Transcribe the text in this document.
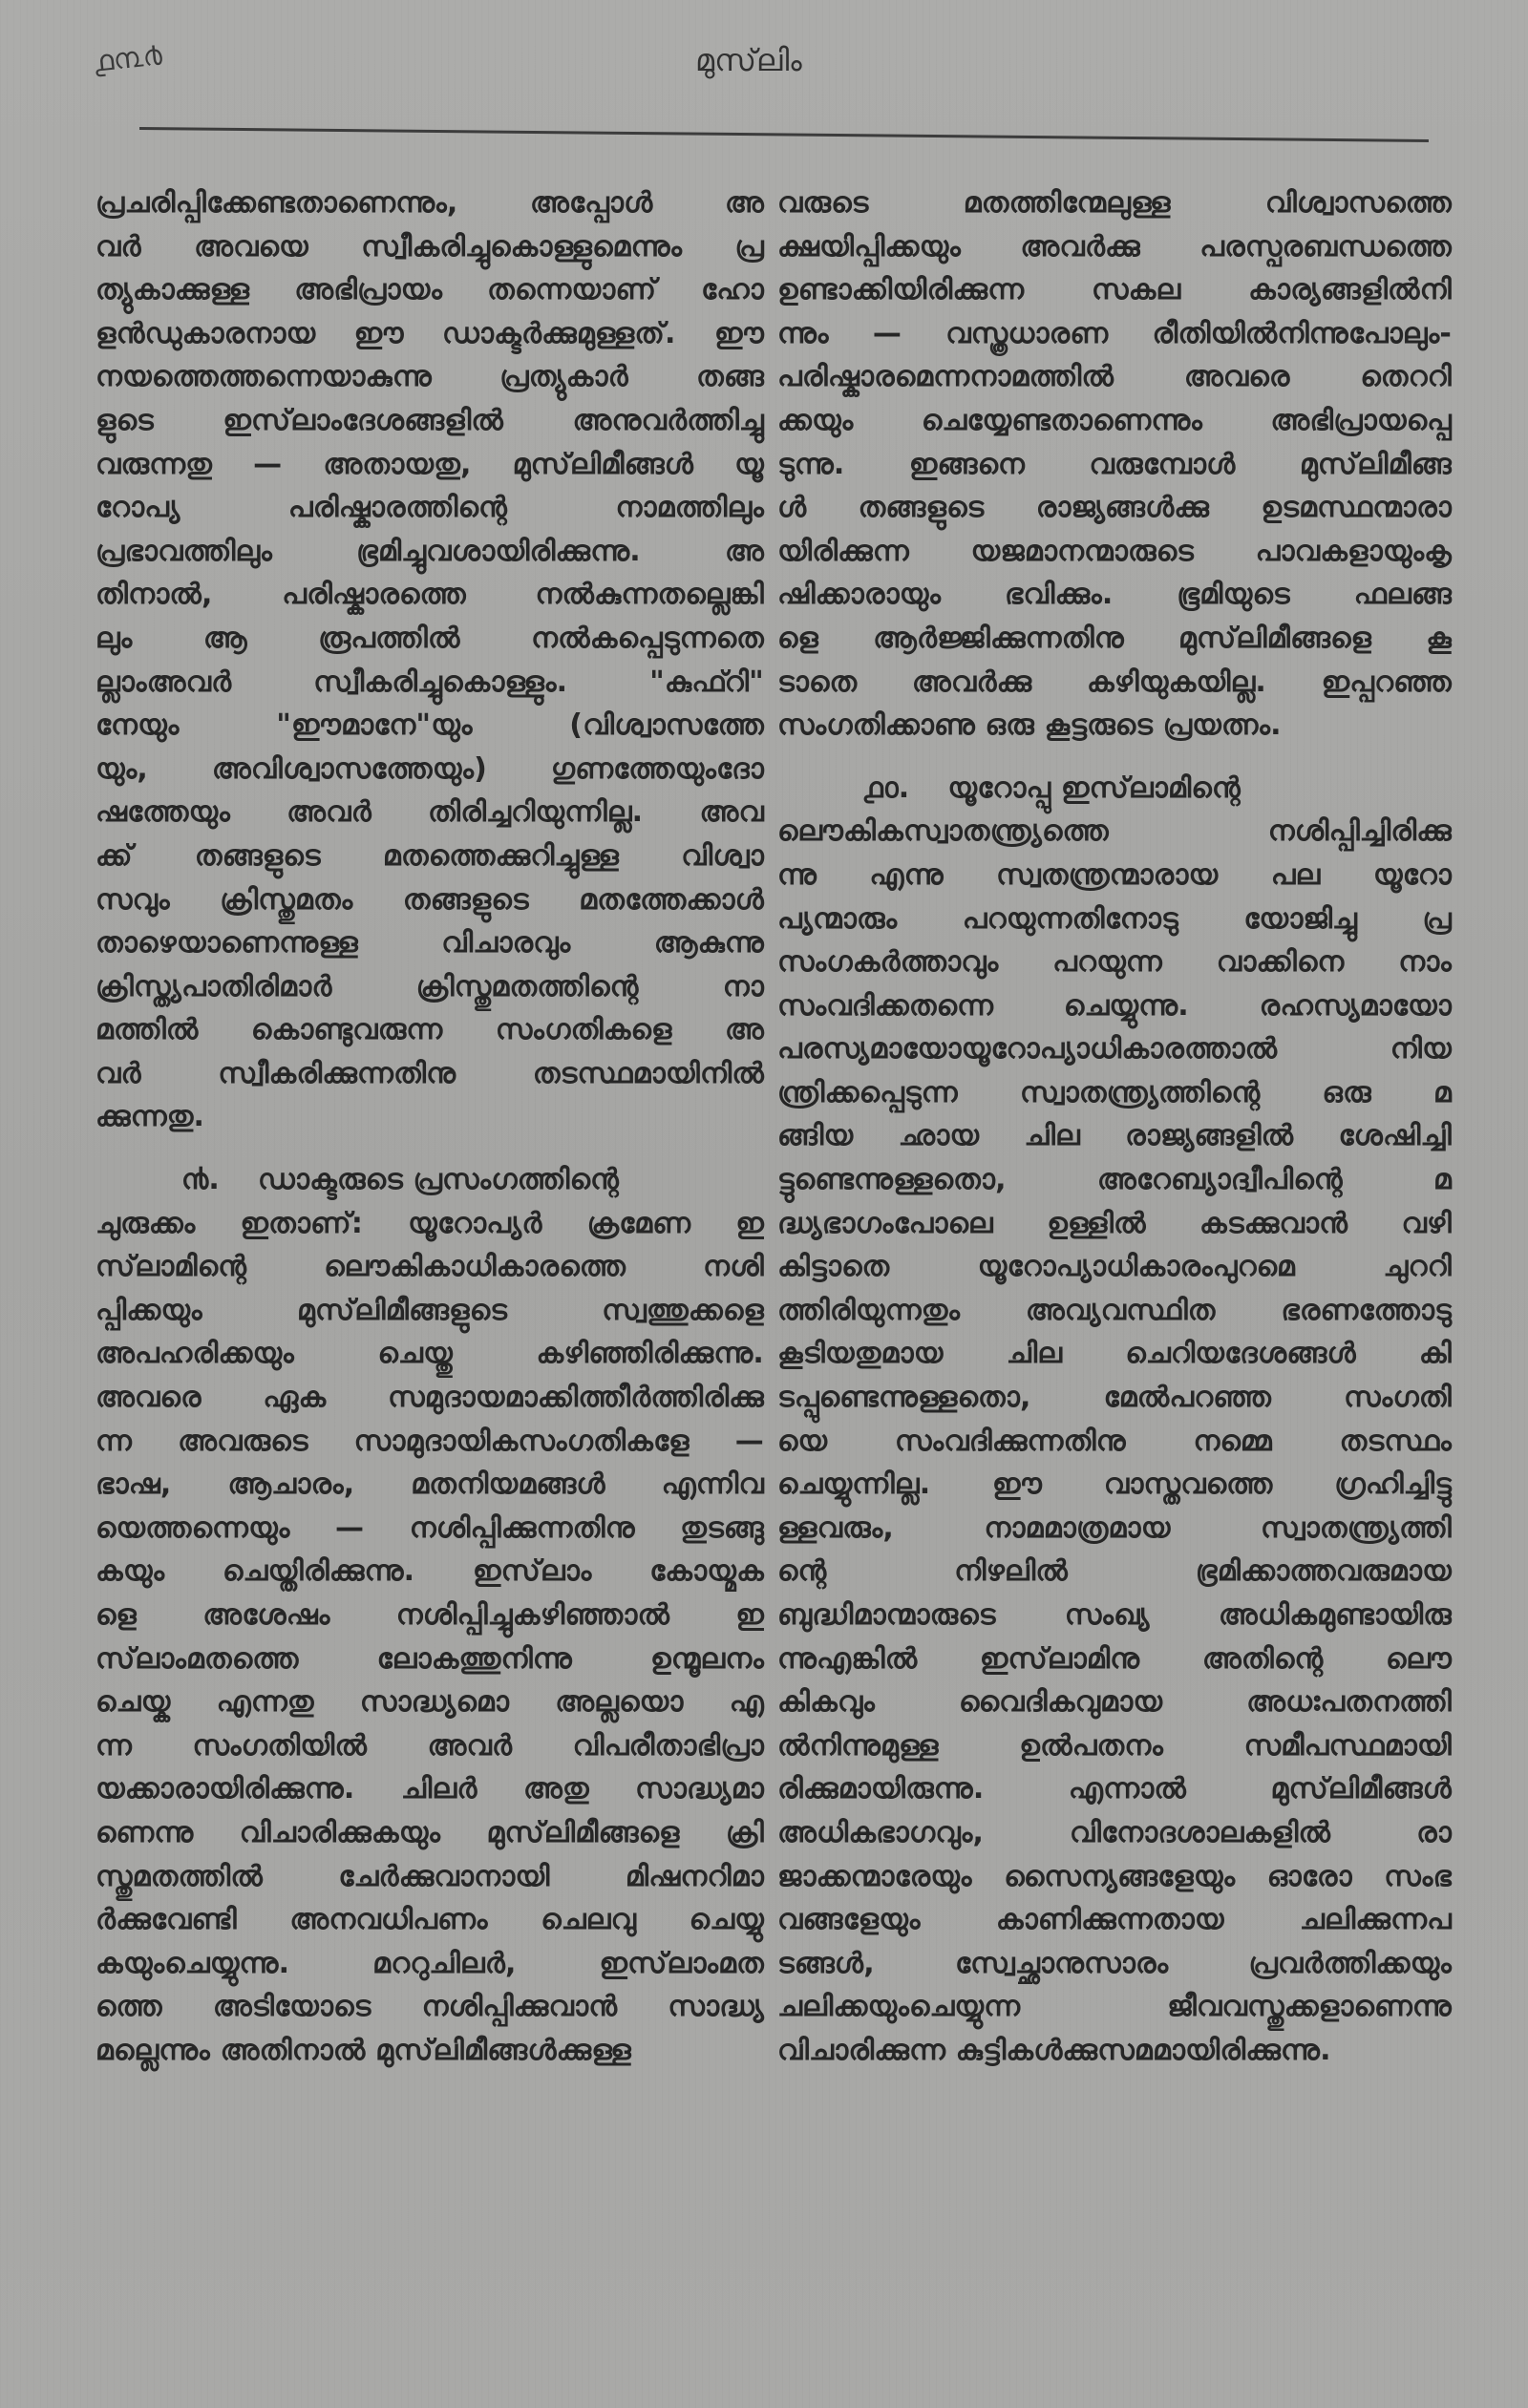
൧൩൪	മുസ്‌ലിം
പ്രചരിപ്പിക്കേണ്ടതാണെന്നും, അപ്പോൾ അ
വർ അവയെ സ്വീകരിച്ചുകൊള്ളുമെന്നും പ്ര
ത്യുകാക്കുള്ള അഭിപ്രായം തന്നെയാണ് ഹോ
ളൻഡുകാരനായ ഈ ഡാക്ടർക്കുമുള്ളത്. ഈ
നയത്തെത്തന്നെയാകുന്നു പ്രത്യുകാർ തങ്ങ
ളുടെ ഇസ്‌ലാംദേശങ്ങളിൽ അനുവർത്തിച്ചു
വരുന്നതു — അതായതു, മുസ്‌ലിമീങ്ങൾ യൂ
റോപ്യ പരിഷ്കാരത്തിന്റെ നാമത്തിലും
പ്രഭാവത്തിലും ഭ്രമിച്ചുവശായിരിക്കുന്നു. അ
തിനാൽ, പരിഷ്കാരത്തെ നൽകുന്നതല്ലെങ്കി
ലും ആ രൂപത്തിൽ നൽകപ്പെടുന്നതെ
ല്ലാംഅവർ സ്വീകരിച്ചുകൊള്ളും. "കുഫ്റി"
നേയും "ഈമാനേ"യും (വിശ്വാസത്തേ
യും, അവിശ്വാസത്തേയും) ഗുണത്തേയുംദോ
ഷത്തേയും അവർ തിരിച്ചറിയുന്നില്ല. അവ
ക്ക് തങ്ങളുടെ മതത്തെക്കുറിച്ചുള്ള വിശ്വാ
സവും ക്രിസ്തുമതം തങ്ങളുടെ മതത്തേക്കാൾ
താഴെയാണെന്നുള്ള വിചാരവും ആകുന്നു
ക്രിസ്ത്യപാതിരിമാർ ക്രിസ്തുമതത്തിന്റെ നാ
മത്തിൽ കൊണ്ടുവരുന്ന സംഗതികളെ അ
വർ സ്വീകരിക്കുന്നതിനു തടസ്ഥമായിനിൽ
ക്കുന്നതു.
൯. ഡാക്ടരുടെ പ്രസംഗത്തിന്റെ
ചുരുക്കം ഇതാണ്: യൂറോപ്യർ ക്രമേണ ഇ
സ്‌ലാമിന്റെ ലൌകികാധികാരത്തെ നശി
പ്പിക്കയും മുസ്‌ലിമീങ്ങളുടെ സ്വത്തുക്കളെ
അപഹരിക്കയും ചെയ്തു കഴിഞ്ഞിരിക്കുന്നു.
അവരെ ഏക സമുദായമാക്കിത്തീർത്തിരിക്കു
ന്ന അവരുടെ സാമുദായികസംഗതികളേ —
ഭാഷ, ആചാരം, മതനിയമങ്ങൾ എന്നിവ
യെത്തന്നെയും — നശിപ്പിക്കുന്നതിനു തുടങ്ങു
കയും ചെയ്തിരിക്കുന്നു. ഇസ്‌ലാം കോയ്മക
ളെ അശേഷം നശിപ്പിച്ചുകഴിഞ്ഞാൽ ഇ
സ്‌ലാംമതത്തെ ലോകത്തുനിന്നു ഉന്മൂലനം
ചെയ്ക എന്നതു സാദ്ധ്യമൊ അല്ലയൊ എ
ന്ന സംഗതിയിൽ അവർ വിപരീതാഭിപ്രാ
യക്കാരായിരിക്കുന്നു. ചിലർ അതു സാദ്ധ്യമാ
ണെന്നു വിചാരിക്കുകയും മുസ്‌ലിമീങ്ങളെ ക്രി
സ്തുമതത്തിൽ ചേർക്കുവാനായി മിഷനറിമാ
ർക്കുവേണ്ടി അനവധിപണം ചെലവു ചെയ്യു
കയുംചെയ്യുന്നു. മററുചിലർ, ഇസ്‌ലാംമത
ത്തെ അടിയോടെ നശിപ്പിക്കുവാൻ സാദ്ധ്യ
മല്ലെന്നും അതിനാൽ മുസ്‌ലിമീങ്ങൾക്കുള്ള
വരുടെ മതത്തിന്മേലുള്ള വിശ്വാസത്തെ
ക്ഷയിപ്പിക്കയും അവർക്കു പരസ്പരബന്ധത്തെ
ഉണ്ടാക്കിയിരിക്കുന്ന സകല കാര്യങ്ങളിൽനി
ന്നും — വസ്ത്രധാരണ രീതിയിൽനിന്നുപോലും-
പരിഷ്കാരമെന്നനാമത്തിൽ അവരെ തെററി
ക്കയും ചെയ്യേണ്ടതാണെന്നും അഭിപ്രായപ്പെ
ടുന്നു. ഇങ്ങനെ വരുമ്പോൾ മുസ്‌ലിമീങ്ങ
ൾ തങ്ങളുടെ രാജ്യങ്ങൾക്കു ഉടമസ്ഥന്മാരാ
യിരിക്കുന്ന യജമാനന്മാരുടെ പാവകളായുംകൃ
ഷിക്കാരായും ഭവിക്കും. ഭൂമിയുടെ ഫലങ്ങ
ളെ ആർജ്ജിക്കുന്നതിനു മുസ്‌ലിമീങ്ങളെ കൂ
ടാതെ അവർക്കു കഴിയുകയില്ല. ഇപ്പറഞ്ഞ
സംഗതിക്കാണു ഒരു കൂട്ടരുടെ പ്രയത്നം.
൧൦. യൂറോപ്പു ഇസ്‌ലാമിന്റെ
ലൌകികസ്വാതന്ത്ര്യത്തെ നശിപ്പിച്ചിരിക്കു
ന്നു എന്നു സ്വതന്ത്രന്മാരായ പല യൂറോ
പ്യന്മാരും പറയുന്നതിനോടു യോജിച്ചു പ്ര
സംഗകർത്താവും പറയുന്ന വാക്കിനെ നാം
സംവദിക്കതന്നെ ചെയ്യുന്നു. രഹസ്യമായോ
പരസ്യമായോയൂറോപ്യാധികാരത്താൽ നിയ
ന്ത്രിക്കപ്പെടുന്ന സ്വാതന്ത്ര്യത്തിന്റെ ഒരു മ
ങ്ങിയ ഛായ ചില രാജ്യങ്ങളിൽ ശേഷിച്ചി
ട്ടുണ്ടെന്നുള്ളതൊ, അറേബ്യാദ്വീപിന്റെ മ
ദ്ധ്യഭാഗംപോലെ ഉള്ളിൽ കടക്കുവാൻ വഴി
കിട്ടാതെ യൂറോപ്യാധികാരംപുറമെ ചുററി
ത്തിരിയുന്നതും അവ്യവസ്ഥിത ഭരണത്തോടു
കൂടിയതുമായ ചില ചെറിയദേശങ്ങൾ കി
ടപ്പുണ്ടെന്നുള്ളതൊ, മേൽപറഞ്ഞ സംഗതി
യെ സംവദിക്കുന്നതിനു നമ്മെ തടസ്ഥം
ചെയ്യുന്നില്ല. ഈ വാസ്തവത്തെ ഗ്രഹിച്ചിട്ടു
ള്ളവരും, നാമമാത്രമായ സ്വാതന്ത്ര്യത്തി
ന്റെ നിഴലിൽ ഭ്രമിക്കാത്തവരുമായ
ബുദ്ധിമാന്മാരുടെ സംഖ്യ അധികമുണ്ടായിരു
ന്നുഎങ്കിൽ ഇസ്‌ലാമിനു അതിന്റെ ലൌ
കികവും വൈദികവുമായ അധഃപതനത്തി
ൽനിന്നുമുള്ള ഉൽപതനം സമീപസ്ഥമായി
രിക്കുമായിരുന്നു. എന്നാൽ മുസ്‌ലിമീങ്ങൾ
അധികഭാഗവും, വിനോദശാലകളിൽ രാ
ജാക്കന്മാരേയും സൈന്യങ്ങളേയും ഓരോ സംഭ
വങ്ങളേയും കാണിക്കുന്നതായ ചലിക്കുന്നപ
ടങ്ങൾ, സ്വേച്ഛാനുസാരം പ്രവർത്തിക്കയും
ചലിക്കയുംചെയ്യുന്ന ജീവവസ്തുക്കളാണെന്നു
വിചാരിക്കുന്ന കുട്ടികൾക്കുസമമായിരിക്കുന്നു.
